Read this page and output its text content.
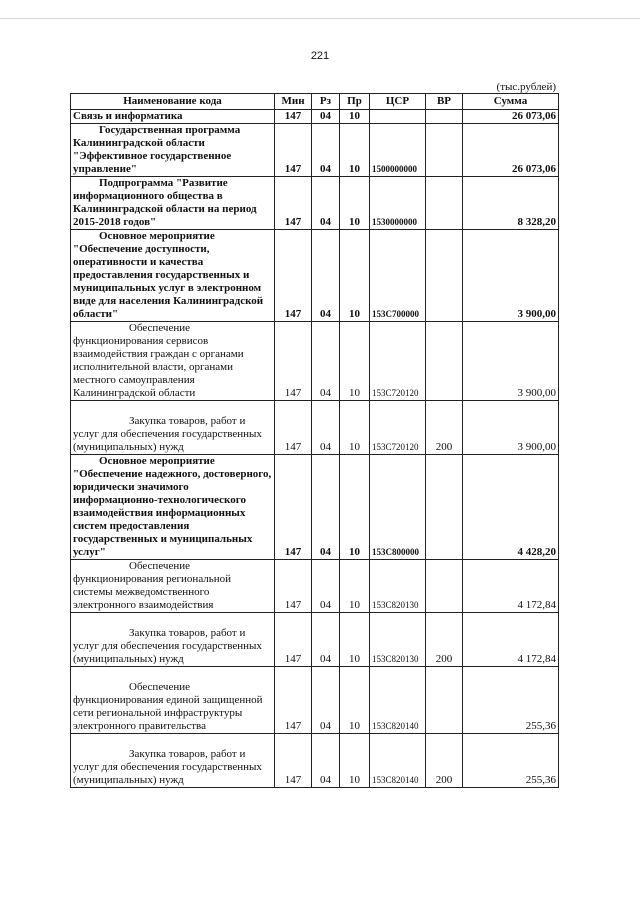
221
(тыс.рублей)
Наименование кода	Мин	Рз	Пр	ЦСР	ВР	Сумма
Связь и информатика	147	04	10			26 073,06
Государственная программа Калининградской области "Эффективное государственное управление"	147	04	10	1500000000		26 073,06
Подпрограмма "Развитие информационного общества в Калининградской области на период 2015-2018 годов"	147	04	10	1530000000		8 328,20
Основное мероприятие "Обеспечение доступности, оперативности и качества предоставления государственных и муниципальных услуг в электронном виде для населения Калининградской области"	147	04	10	153С700000		3 900,00
Обеспечение функционирования сервисов взаимодействия граждан с органами исполнительной власти, органами местного самоуправления Калининградской области	147	04	10	153С720120		3 900,00
Закупка товаров, работ и услуг для обеспечения государственных (муниципальных) нужд	147	04	10	153С720120	200	3 900,00
Основное мероприятие "Обеспечение надежного, достоверного, юридически значимого информационно-технологического взаимодействия информационных систем предоставления государственных и муниципальных услуг"	147	04	10	153С800000		4 428,20
Обеспечение функционирования региональной системы межведомственного электронного взаимодействия	147	04	10	153С820130		4 172,84
Закупка товаров, работ и услуг для обеспечения государственных (муниципальных) нужд	147	04	10	153С820130	200	4 172,84
Обеспечение функционирования единой защищенной сети региональной инфраструктуры электронного правительства	147	04	10	153С820140		255,36
Закупка товаров, работ и услуг для обеспечения государственных (муниципальных) нужд	147	04	10	153С820140	200	255,36
